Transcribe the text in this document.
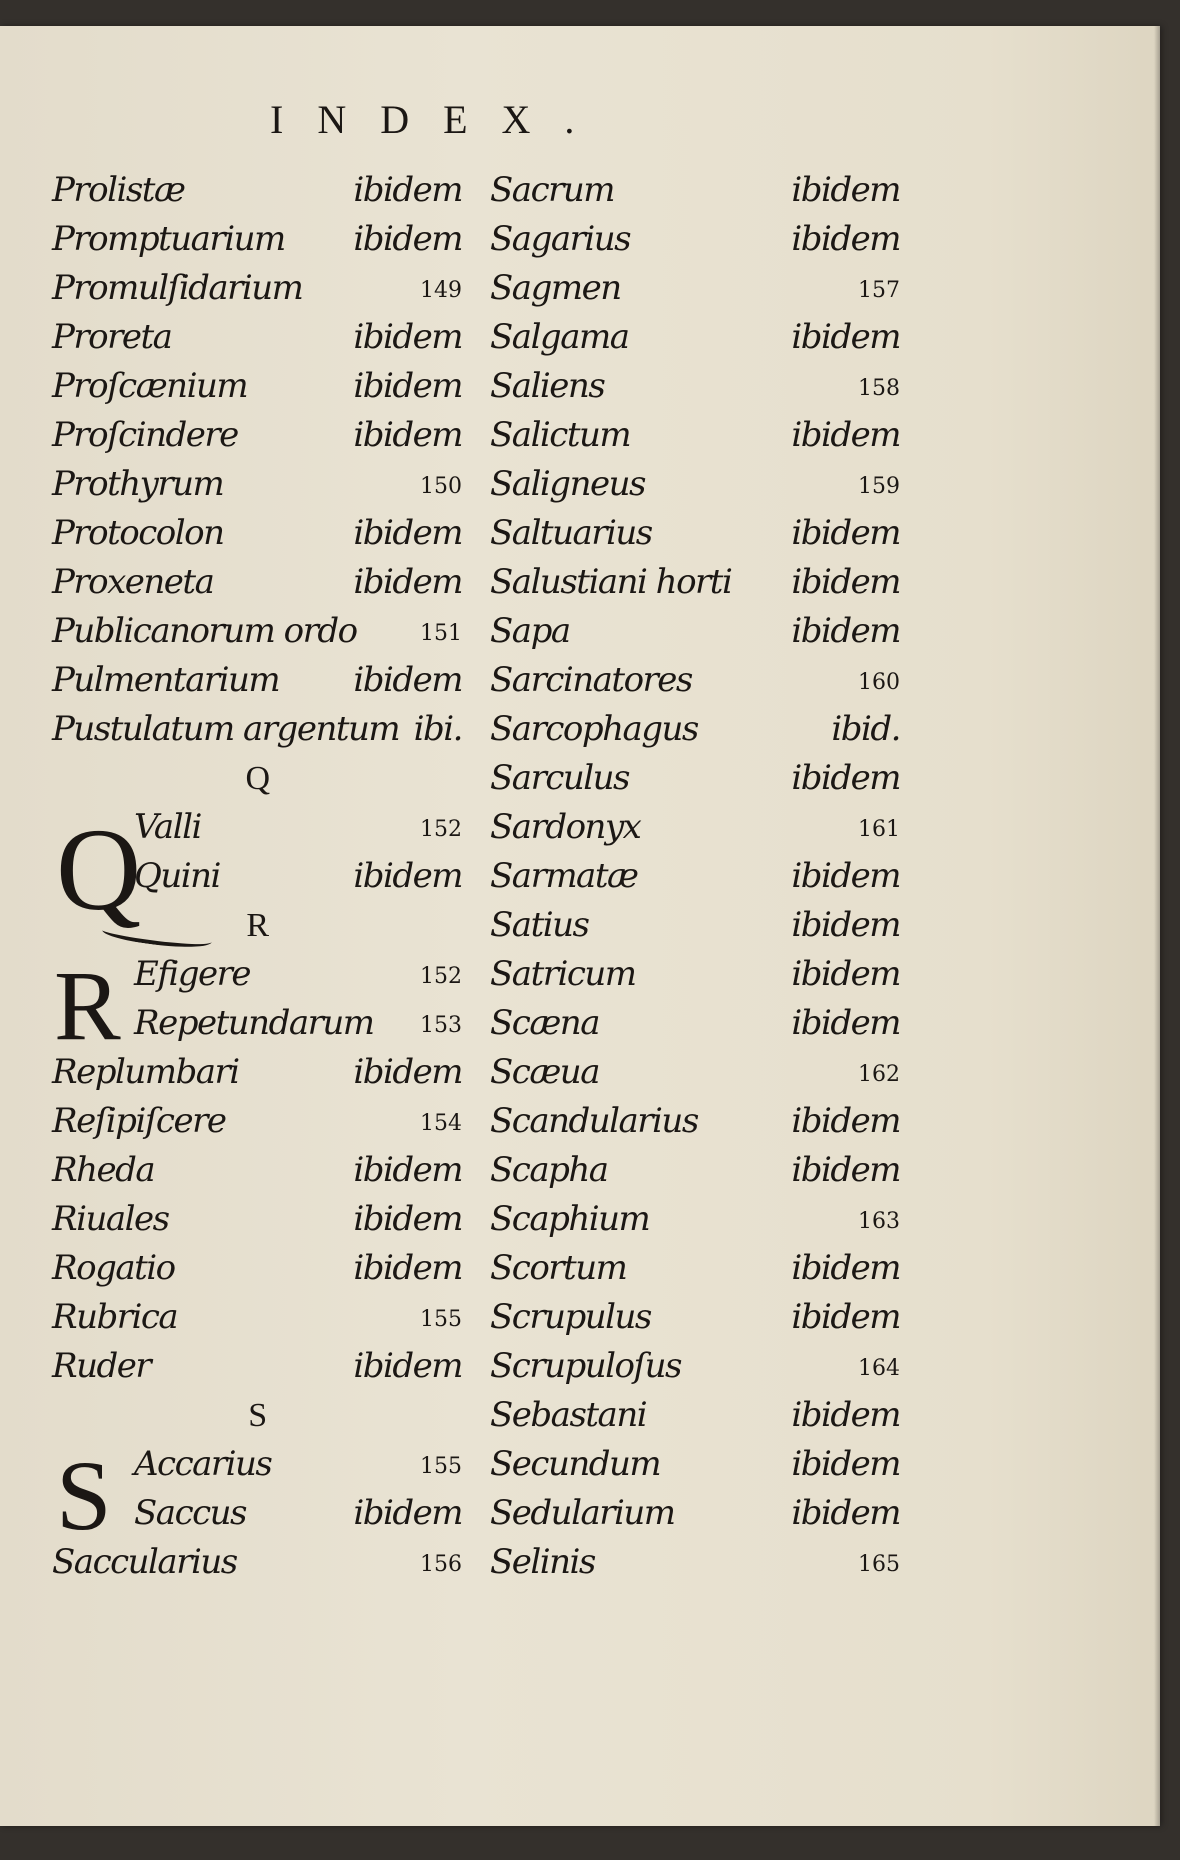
INDEX.
Prolistæ	ibidem
Promptuarium ibidem
Promulſidarium	149
Proreta	ibidem
Proſcænium	ibidem
Proſcindere	ibidem
Prothyrum	150
Protocolon	ibidem
Proxeneta	ibidem
Publicanorum ordo	151
Pulmentarium ibidem
Pustulatum argentum ibi.
Q
Q
Valli	152
Quini	ibidem
R
R Efigere	152
Repetundarum 153
Replumbari	ibidem
Reſipiſcere	154
Rheda	ibidem
Riuales	ibidem
Rogatio	ibidem
Rubrica	155
Ruder	ibidem
S
S Accarius	155
Saccus	ibidem
Saccularius	156
Sacrum	ibidem
Sagarius	ibidem
Sagmen	157
Salgama	ibidem
Saliens	158
Salictum	ibidem
Saligneus	159
Saltuarius	ibidem
Salustiani horti ibidem
Sapa	ibidem
Sarcinatores	160
Sarcophagus	ibid.
Sarculus	ibidem
Sardonyx	161
Sarmatæ	ibidem
Satius	ibidem
Satricum	ibidem
Scæna	ibidem
Scæua	162
Scandularius	ibidem
Scapha	ibidem
Scaphium	163
Scortum	ibidem
Scrupulus	ibidem
Scrupuloſus	164
Sebastani	ibidem
Secundum	ibidem
Sedularium	ibidem
Selinis	165
